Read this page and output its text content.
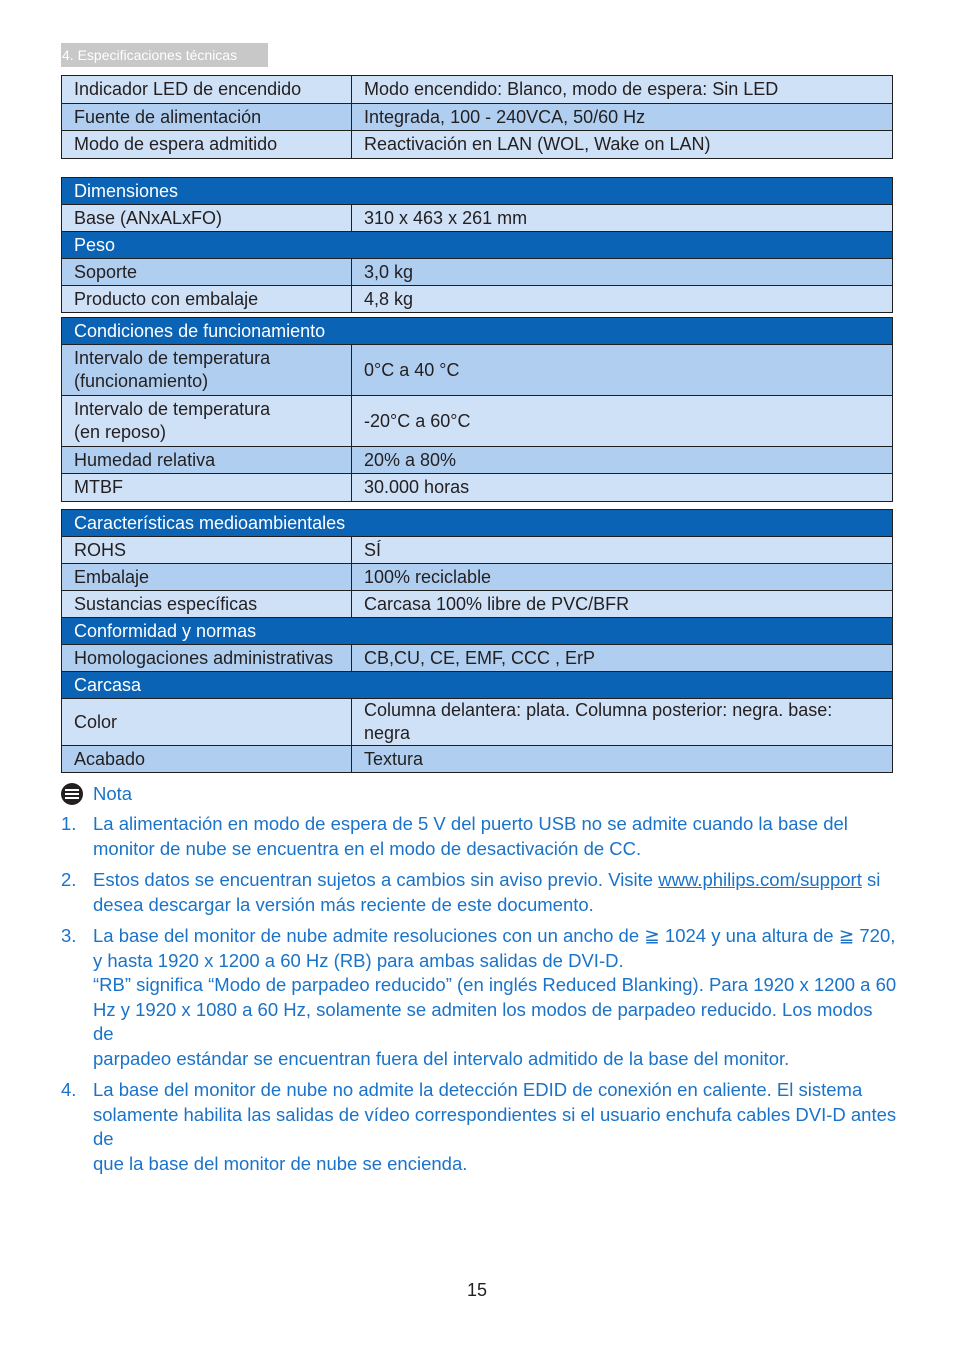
4. Especificaciones técnicas
Indicador LED de encendido	Modo encendido: Blanco, modo de espera: Sin LED
Fuente de alimentación	Integrada, 100 - 240VCA, 50/60 Hz
Modo de espera admitido	Reactivación en LAN (WOL, Wake on LAN)
Dimensiones	
Base (ANxALxFO)	310 x 463 x 261 mm
Peso	
Soporte	3,0 kg
Producto con embalaje	4,8 kg
Condiciones de funcionamiento	

Intervalo de temperatura
(funcionamiento)	0°C a 40 °C

Intervalo de temperatura
(en reposo)	-20°C a 60°C
Humedad relativa	20% a 80%
MTBF	30.000 horas
Características medioambientales	
ROHS	SÍ
Embalaje	100% reciclable
Sustancias específicas	Carcasa 100% libre de PVC/BFR
Conformidad y normas	
Homologaciones administrativas	CB,CU, CE, EMF, CCC , ErP
Carcasa	
Color	Columna delantera: plata. Columna posterior: negra. base: negra
Acabado	Textura
Nota
1. La alimentación en modo de espera de 5 V del puerto USB no se admite cuando la base del
monitor de nube se encuentra en el modo de desactivación de CC.
2. Estos datos se encuentran sujetos a cambios sin aviso previo. Visite www.philips.com/support si
desea descargar la versión más reciente de este documento.
3. La base del monitor de nube admite resoluciones con un ancho de ≧ 1024 y una altura de ≧ 720,
y hasta 1920 x 1200 a 60 Hz (RB) para ambas salidas de DVI-D.
“RB” significa “Modo de parpadeo reducido” (en inglés Reduced Blanking). Para 1920 x 1200 a 60
Hz y 1920 x 1080 a 60 Hz, solamente se admiten los modos de parpadeo reducido. Los modos de
parpadeo estándar se encuentran fuera del intervalo admitido de la base del monitor.
4. La base del monitor de nube no admite la detección EDID de conexión en caliente. El sistema
solamente habilita las salidas de vídeo correspondientes si el usuario enchufa cables DVI-D antes de
que la base del monitor de nube se encienda.
15
